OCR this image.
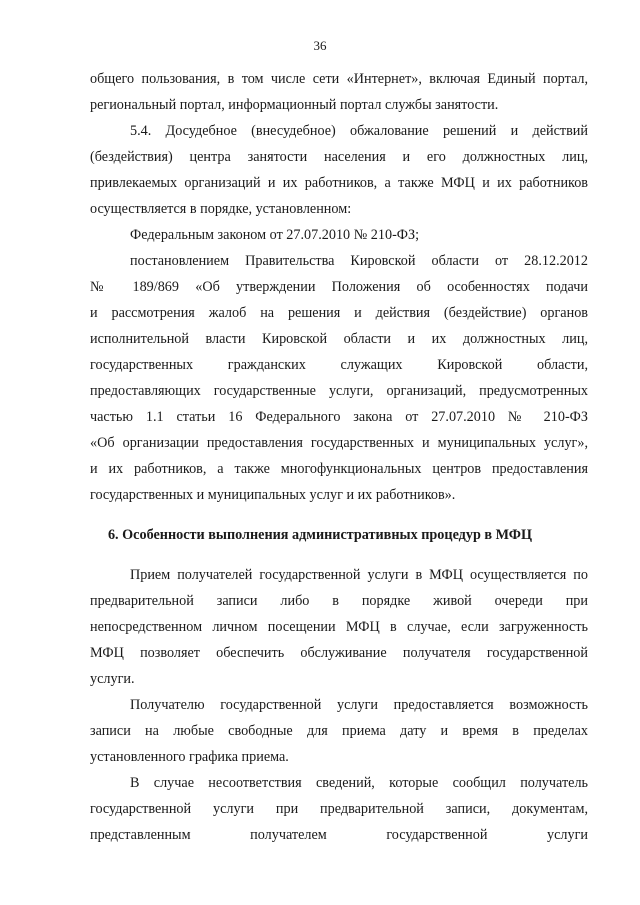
36
общего пользования, в том числе сети «Интернет», включая Единый портал,
региональный портал, информационный портал службы занятости.
5.4. Досудебное (внесудебное) обжалование решений и действий
(бездействия) центра занятости населения и его должностных лиц,
привлекаемых организаций и их работников, а также МФЦ и их работников
осуществляется в порядке, установленном:
Федеральным законом от 27.07.2010 № 210-ФЗ;
постановлением Правительства Кировской области от 28.12.2012
№ 189/869 «Об утверждении Положения об особенностях подачи
и рассмотрения жалоб на решения и действия (бездействие) органов
исполнительной власти Кировской области и их должностных лиц,
государственных гражданских служащих Кировской области,
предоставляющих государственные услуги, организаций, предусмотренных
частью 1.1 статьи 16 Федерального закона от 27.07.2010 № 210-ФЗ
«Об организации предоставления государственных и муниципальных услуг»,
и их работников, а также многофункциональных центров предоставления
государственных и муниципальных услуг и их работников».
6. Особенности выполнения административных процедур в МФЦ
Прием получателей государственной услуги в МФЦ осуществляется по
предварительной записи либо в порядке живой очереди при
непосредственном личном посещении МФЦ в случае, если загруженность
МФЦ позволяет обеспечить обслуживание получателя государственной
услуги.
Получателю государственной услуги предоставляется возможность
записи на любые свободные для приема дату и время в пределах
установленного графика приема.
В случае несоответствия сведений, которые сообщил получатель
государственной услуги при предварительной записи, документам,
представленным получателем государственной услуги
